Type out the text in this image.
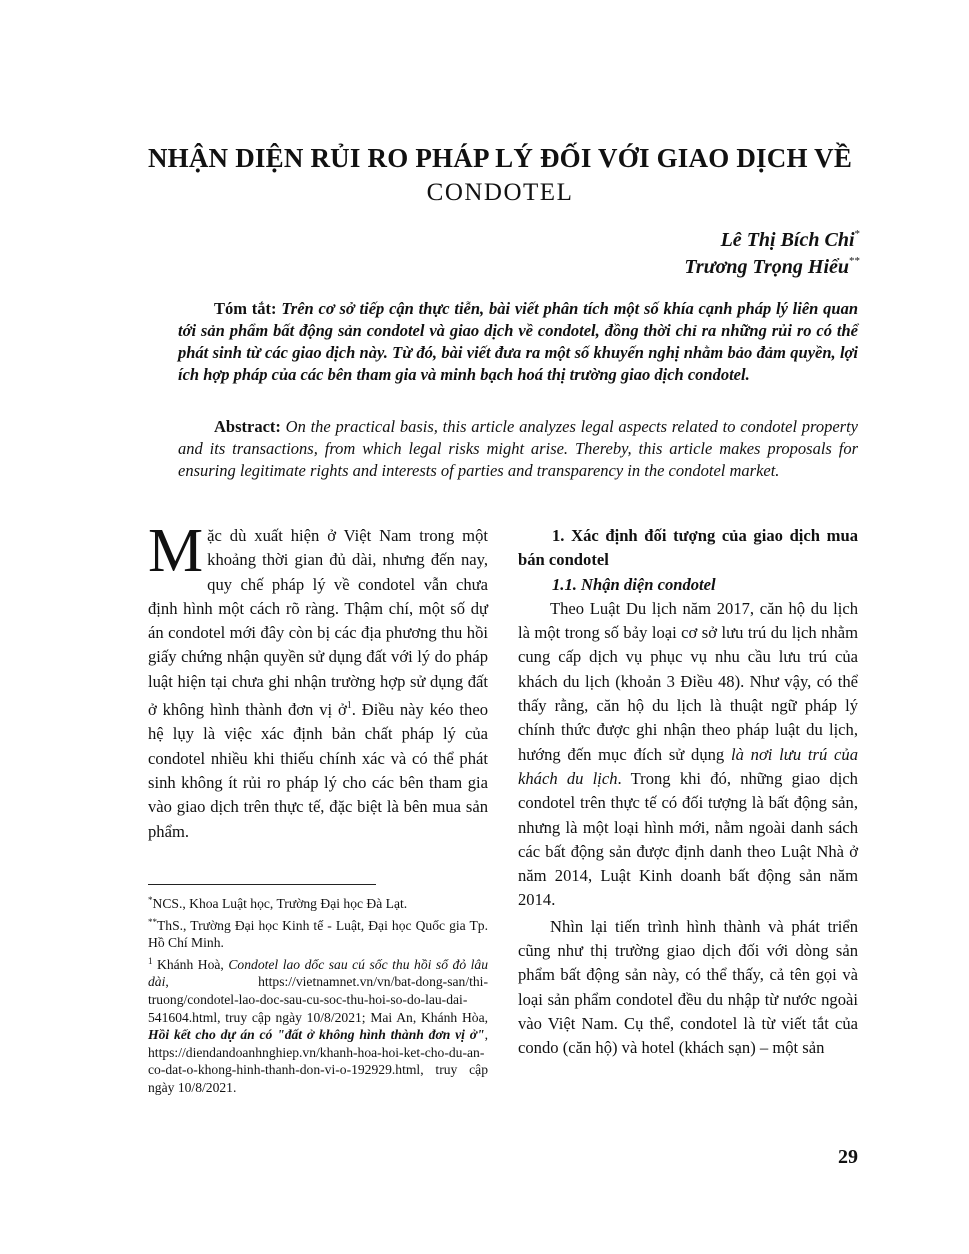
NHẬN DIỆN RỦI RO PHÁP LÝ ĐỐI VỚI GIAO DỊCH VỀ
CONDOTEL
Lê Thị Bích Chi*
Trương Trọng Hiểu**
Tóm tắt: Trên cơ sở tiếp cận thực tiễn, bài viết phân tích một số khía cạnh pháp lý liên quan tới sản phẩm bất động sản condotel và giao dịch về condotel, đồng thời chỉ ra những rủi ro có thể phát sinh từ các giao dịch này. Từ đó, bài viết đưa ra một số khuyến nghị nhằm bảo đảm quyền, lợi ích hợp pháp của các bên tham gia và minh bạch hoá thị trường giao dịch condotel.
Abstract: On the practical basis, this article analyzes legal aspects related to condotel property and its transactions, from which legal risks might arise. Thereby, this article makes proposals for ensuring legitimate rights and interests of parties and transparency in the condotel market.

Mặc dù xuất hiện ở Việt Nam trong một khoảng thời gian đủ dài, nhưng đến nay, quy chế pháp lý về condotel vẫn chưa định hình một cách rõ ràng. Thậm chí, một số dự án condotel mới đây còn bị các địa phương thu hồi giấy chứng nhận quyền sử dụng đất với lý do pháp luật hiện tại chưa ghi nhận trường hợp sử dụng đất ở không hình thành đơn vị ở$^1$. Điều này kéo theo hệ lụy là việc xác định bản chất pháp lý của condotel nhiều khi thiếu chính xác và có thể phát sinh không ít rủi ro pháp lý cho các bên tham gia vào giao dịch trên thực tế, đặc biệt là bên mua sản phẩm.

*NCS., Khoa Luật học, Trường Đại học Đà Lạt.

**ThS., Trường Đại học Kinh tế - Luật, Đại học Quốc gia Tp. Hồ Chí Minh.

$^1$ Khánh Hoà, Condotel lao dốc sau cú sốc thu hồi sổ đỏ lâu dài, https://vietnamnet.vn/vn/bat-dong-san/thi-truong/condotel-lao-doc-sau-cu-soc-thu-hoi-so-do-lau-dai-541604.html, truy cập ngày 10/8/2021; Mai An, Khánh Hòa, Hồi kết cho dự án có "đất ở không hình thành đơn vị ở", https://diendandoanhnghiep.vn/khanh-hoa-hoi-ket-cho-du-an-co-dat-o-khong-hinh-thanh-don-vi-o-192929.html, truy cập ngày 10/8/2021.

1. Xác định đối tượng của giao dịch mua bán condotel

1.1. Nhận diện condotel

Theo Luật Du lịch năm 2017, căn hộ du lịch là một trong số bảy loại cơ sở lưu trú du lịch nhằm cung cấp dịch vụ phục vụ nhu cầu lưu trú của khách du lịch (khoản 3 Điều 48). Như vậy, có thể thấy rằng, căn hộ du lịch là thuật ngữ pháp lý chính thức được ghi nhận theo pháp luật du lịch, hướng đến mục đích sử dụng là nơi lưu trú của khách du lịch. Trong khi đó, những giao dịch condotel trên thực tế có đối tượng là bất động sản, nhưng là một loại hình mới, nằm ngoài danh sách các bất động sản được định danh theo Luật Nhà ở năm 2014, Luật Kinh doanh bất động sản năm 2014.

Nhìn lại tiến trình hình thành và phát triển cũng như thị trường giao dịch đối với dòng sản phẩm bất động sản này, có thể thấy, cả tên gọi và loại sản phẩm condotel đều du nhập từ nước ngoài vào Việt Nam. Cụ thể, condotel là từ viết tắt của condo (căn hộ) và hotel (khách sạn) – một sản

29
